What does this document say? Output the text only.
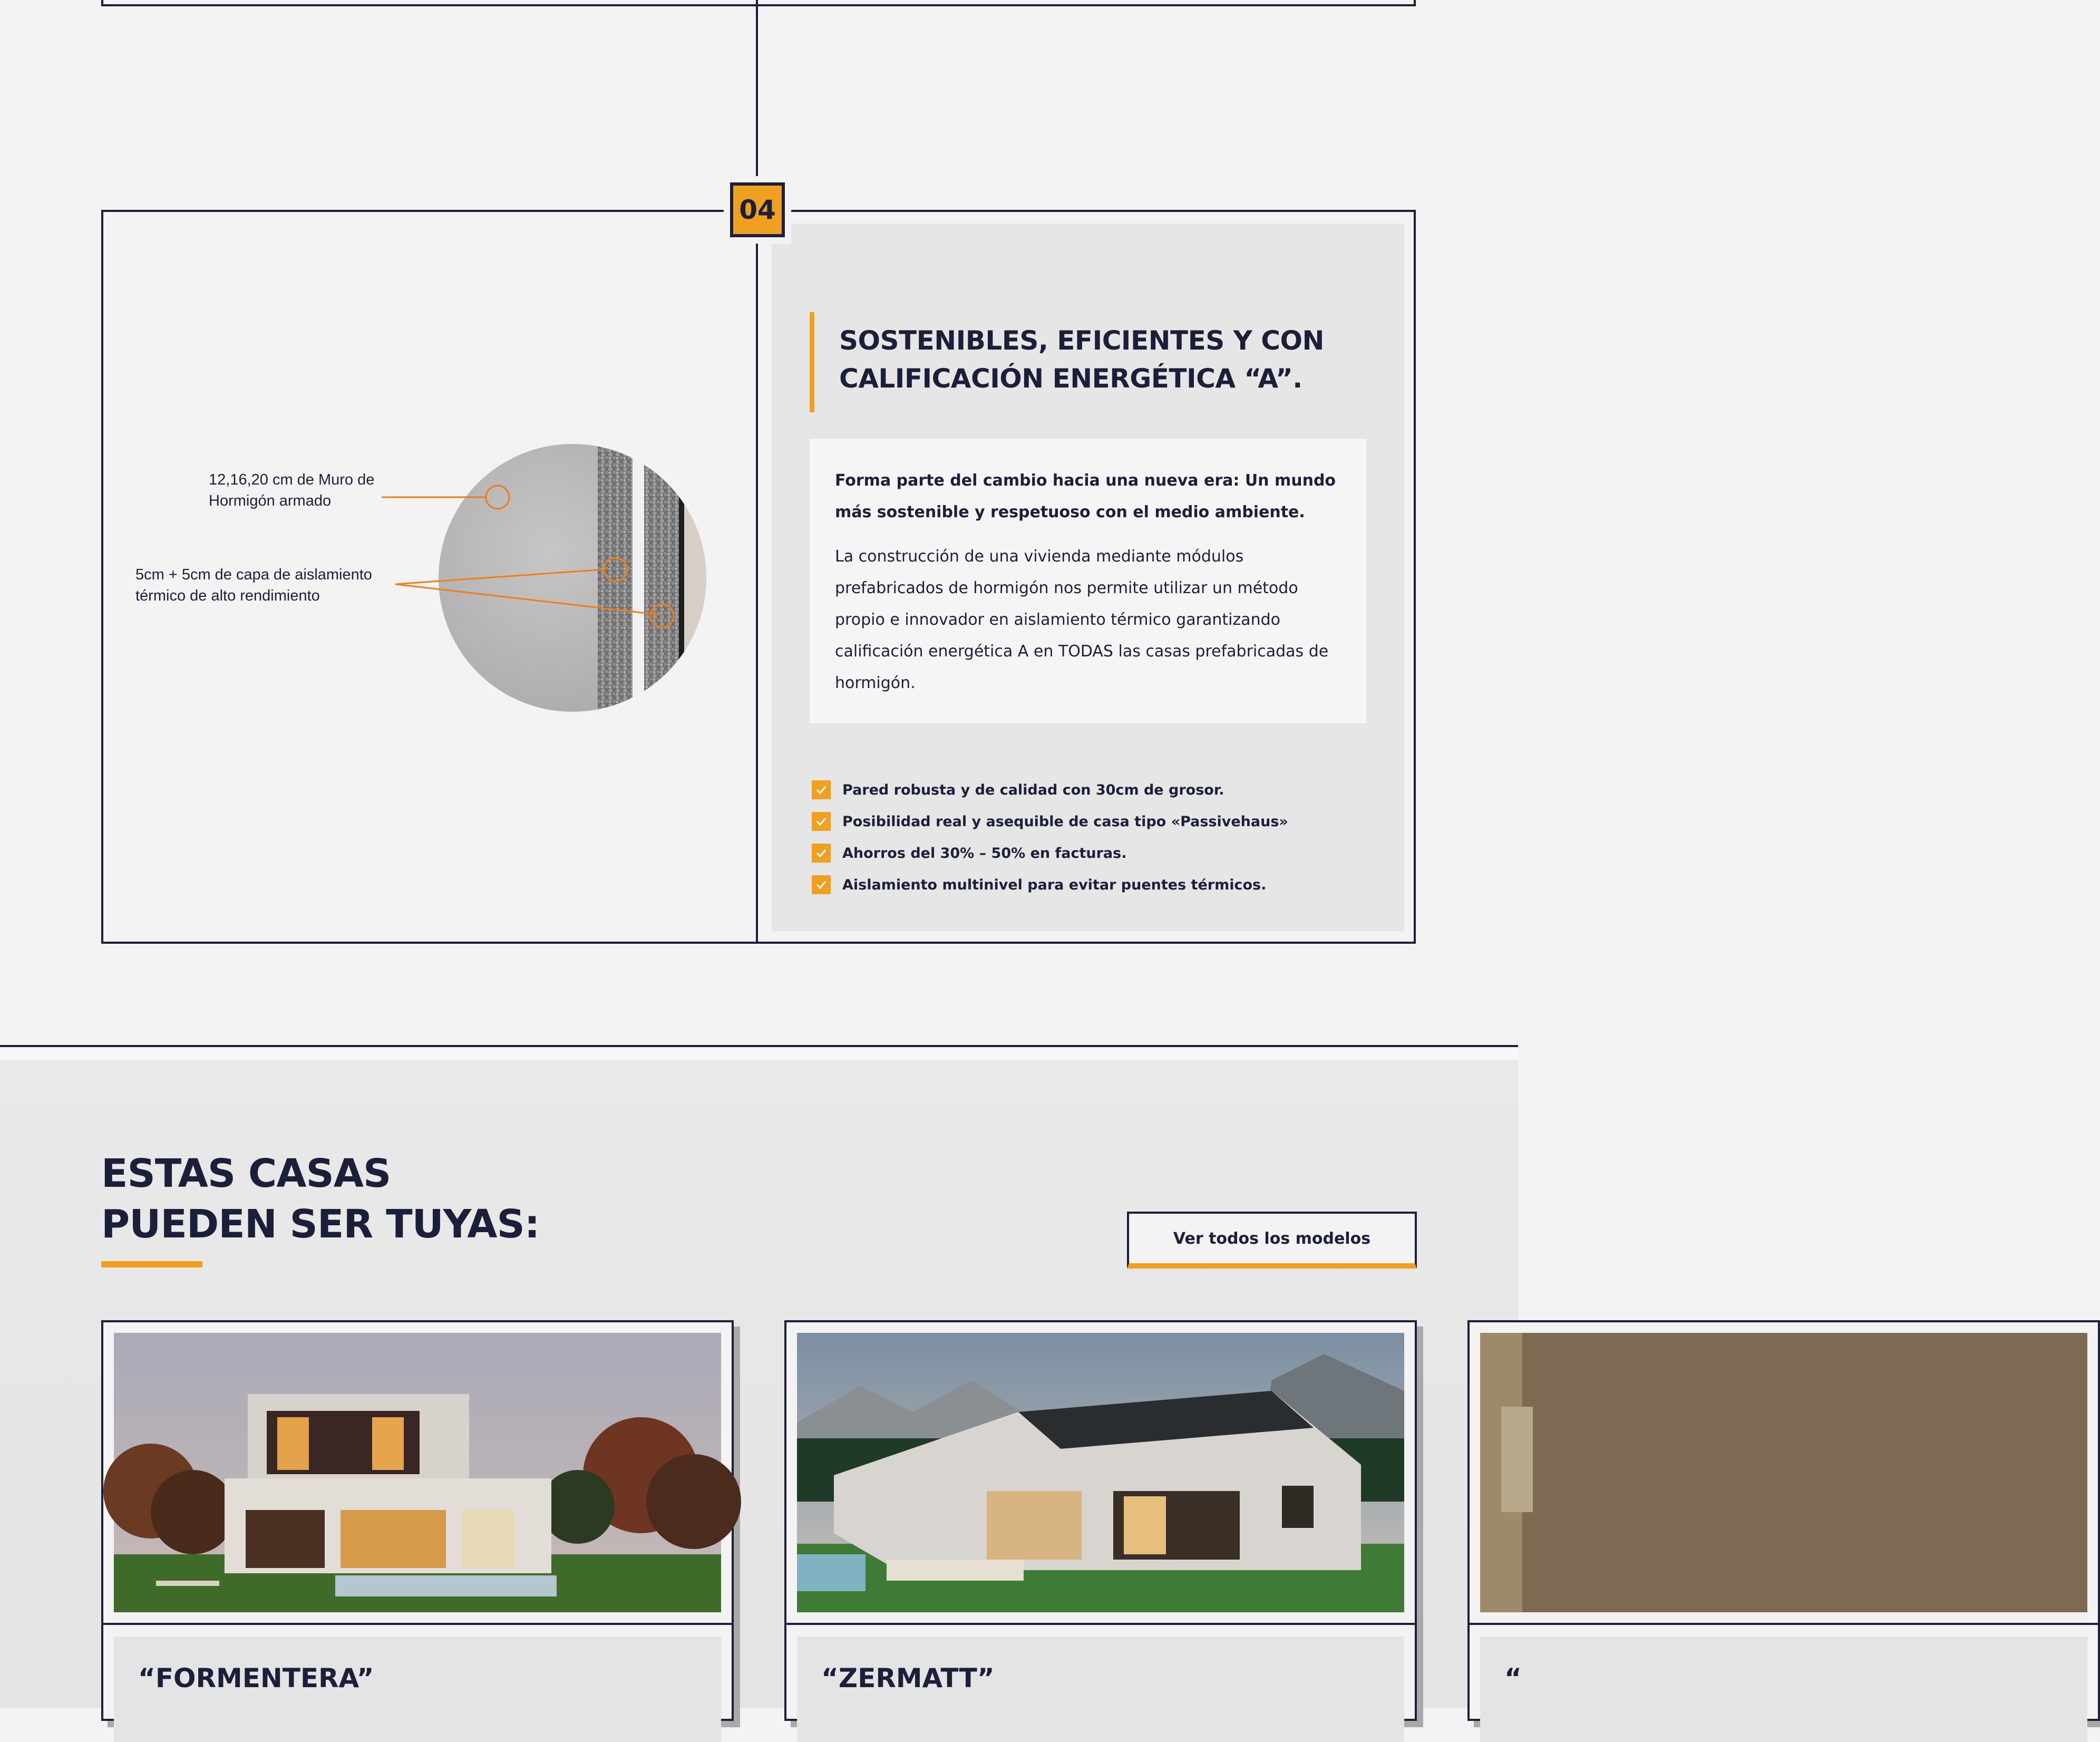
04
SOSTENIBLES, EFICIENTES Y CON CALIFICACIÓN ENERGÉTICA “A”.

Forma parte del cambio hacia una nueva era: Un mundo más sostenible y respetuoso con el medio ambiente.

La construcción de una vivienda mediante módulos prefabricados de hormigón nos permite utilizar un método propio e innovador en aislamiento térmico garantizando calificación energética A en TODAS las casas prefabricadas de hormigón.

Pared robusta y de calidad con 30cm de grosor.
Posibilidad real y asequible de casa tipo «Passivehaus»
Ahorros del 30% – 50% en facturas.
Aislamiento multinivel para evitar puentes térmicos.
12,16,20 cm de Muro de
Hormigón armado
5cm + 5cm de capa de aislamiento
térmico de alto rendimiento
ESTAS CASAS
PUEDEN SER TUYAS:	Ver todos los modelos
“FORMENTERA”	“ZERMATT”	“
